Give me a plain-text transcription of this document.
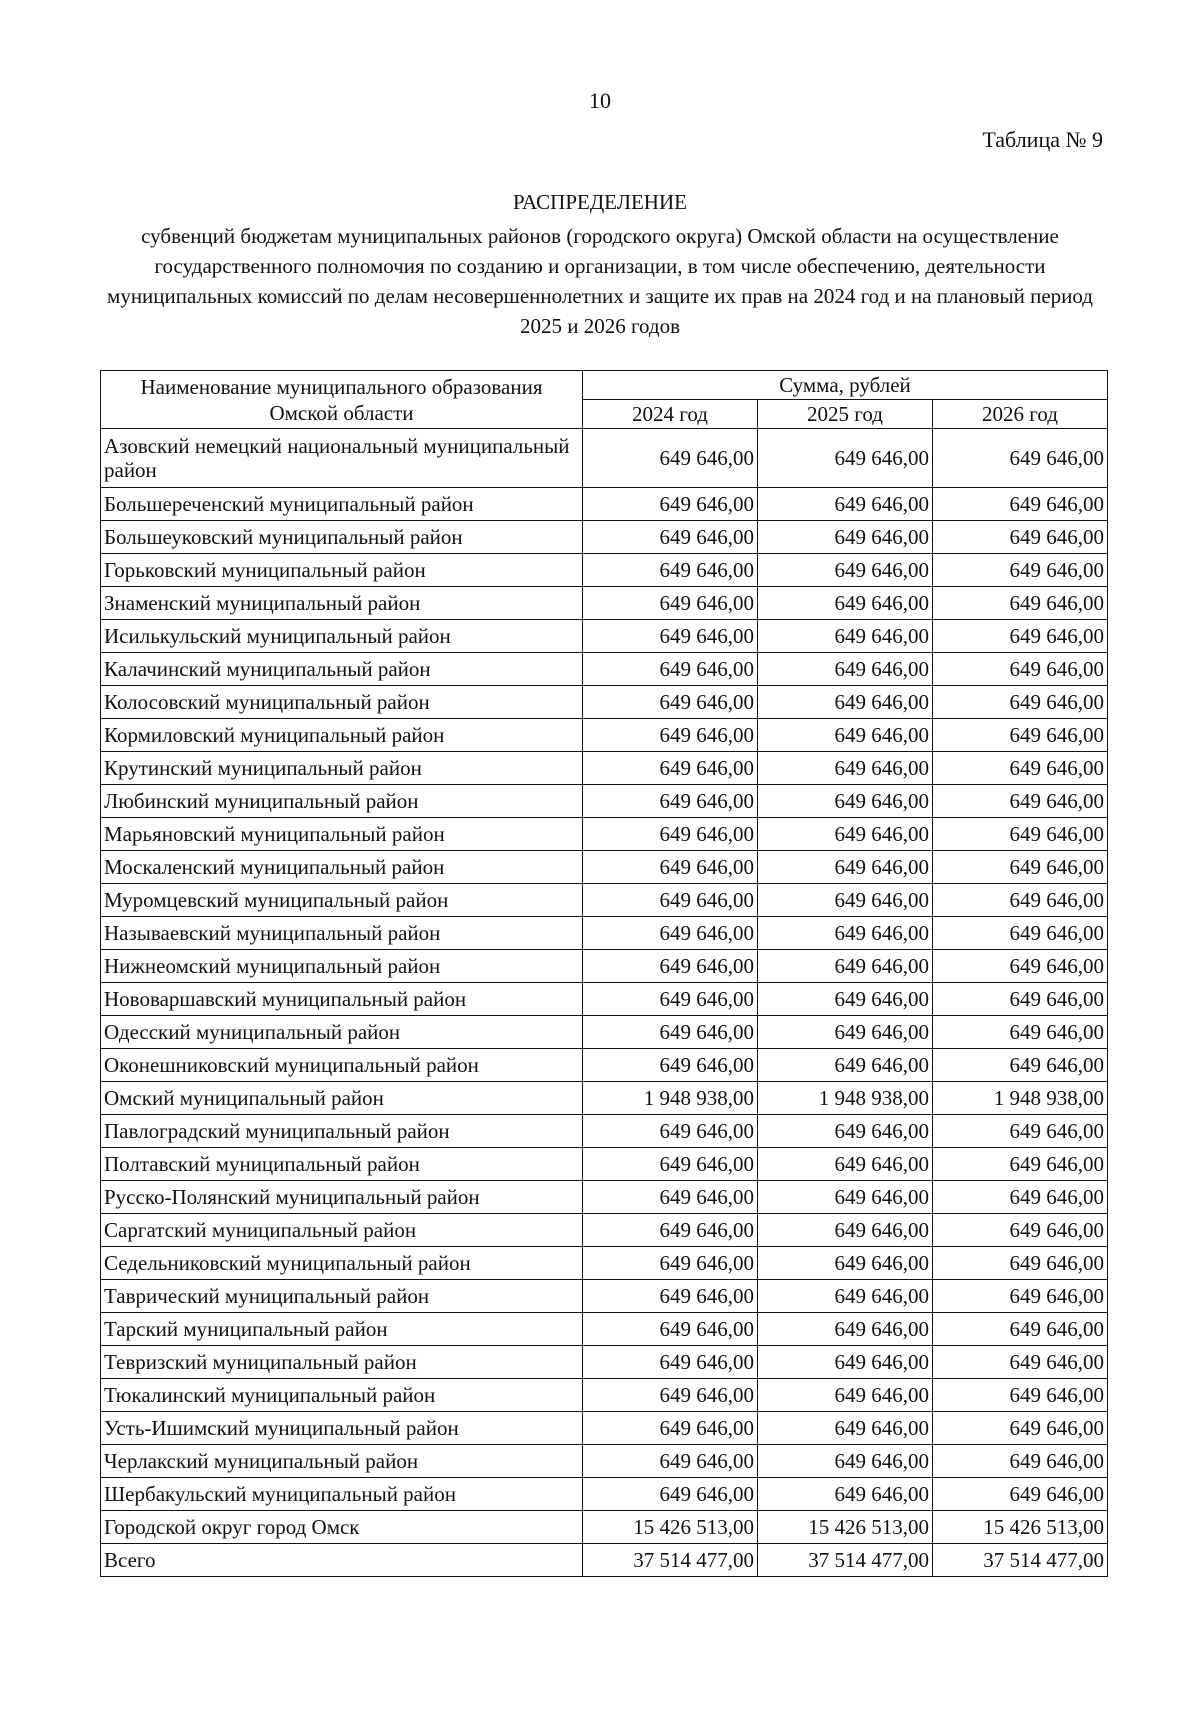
10
Таблица № 9
РАСПРЕДЕЛЕНИЕ
субвенций бюджетам муниципальных районов (городского округа) Омской области на осуществление государственного полномочия по созданию и организации, в том числе обеспечению, деятельности муниципальных комиссий по делам несовершеннолетних и защите их прав на 2024 год и на плановый период 2025 и 2026 годов
Наименование муниципального образования Омской области	Сумма, рублей		
	2024 год	2025 год	2026 год
Азовский немецкий национальный муниципальный район	649 646,00	649 646,00	649 646,00
Большереченский муниципальный район	649 646,00	649 646,00	649 646,00
Большеуковский муниципальный район	649 646,00	649 646,00	649 646,00
Горьковский муниципальный район	649 646,00	649 646,00	649 646,00
Знаменский муниципальный район	649 646,00	649 646,00	649 646,00
Исилькульский муниципальный район	649 646,00	649 646,00	649 646,00
Калачинский муниципальный район	649 646,00	649 646,00	649 646,00
Колосовский муниципальный район	649 646,00	649 646,00	649 646,00
Кормиловский муниципальный район	649 646,00	649 646,00	649 646,00
Крутинский муниципальный район	649 646,00	649 646,00	649 646,00
Любинский муниципальный район	649 646,00	649 646,00	649 646,00
Марьяновский муниципальный район	649 646,00	649 646,00	649 646,00
Москаленский муниципальный район	649 646,00	649 646,00	649 646,00
Муромцевский муниципальный район	649 646,00	649 646,00	649 646,00
Называевский муниципальный район	649 646,00	649 646,00	649 646,00
Нижнеомский муниципальный район	649 646,00	649 646,00	649 646,00
Нововаршавский муниципальный район	649 646,00	649 646,00	649 646,00
Одесский муниципальный район	649 646,00	649 646,00	649 646,00
Оконешниковский муниципальный район	649 646,00	649 646,00	649 646,00
Омский муниципальный район	1 948 938,00	1 948 938,00	1 948 938,00
Павлоградский муниципальный район	649 646,00	649 646,00	649 646,00
Полтавский муниципальный район	649 646,00	649 646,00	649 646,00
Русско-Полянский муниципальный район	649 646,00	649 646,00	649 646,00
Саргатский муниципальный район	649 646,00	649 646,00	649 646,00
Седельниковский муниципальный район	649 646,00	649 646,00	649 646,00
Таврический муниципальный район	649 646,00	649 646,00	649 646,00
Тарский муниципальный район	649 646,00	649 646,00	649 646,00
Тевризский муниципальный район	649 646,00	649 646,00	649 646,00
Тюкалинский муниципальный район	649 646,00	649 646,00	649 646,00
Усть-Ишимский муниципальный район	649 646,00	649 646,00	649 646,00
Черлакский муниципальный район	649 646,00	649 646,00	649 646,00
Шербакульский муниципальный район	649 646,00	649 646,00	649 646,00
Городской округ город Омск	15 426 513,00	15 426 513,00	15 426 513,00
Всего	37 514 477,00	37 514 477,00	37 514 477,00
